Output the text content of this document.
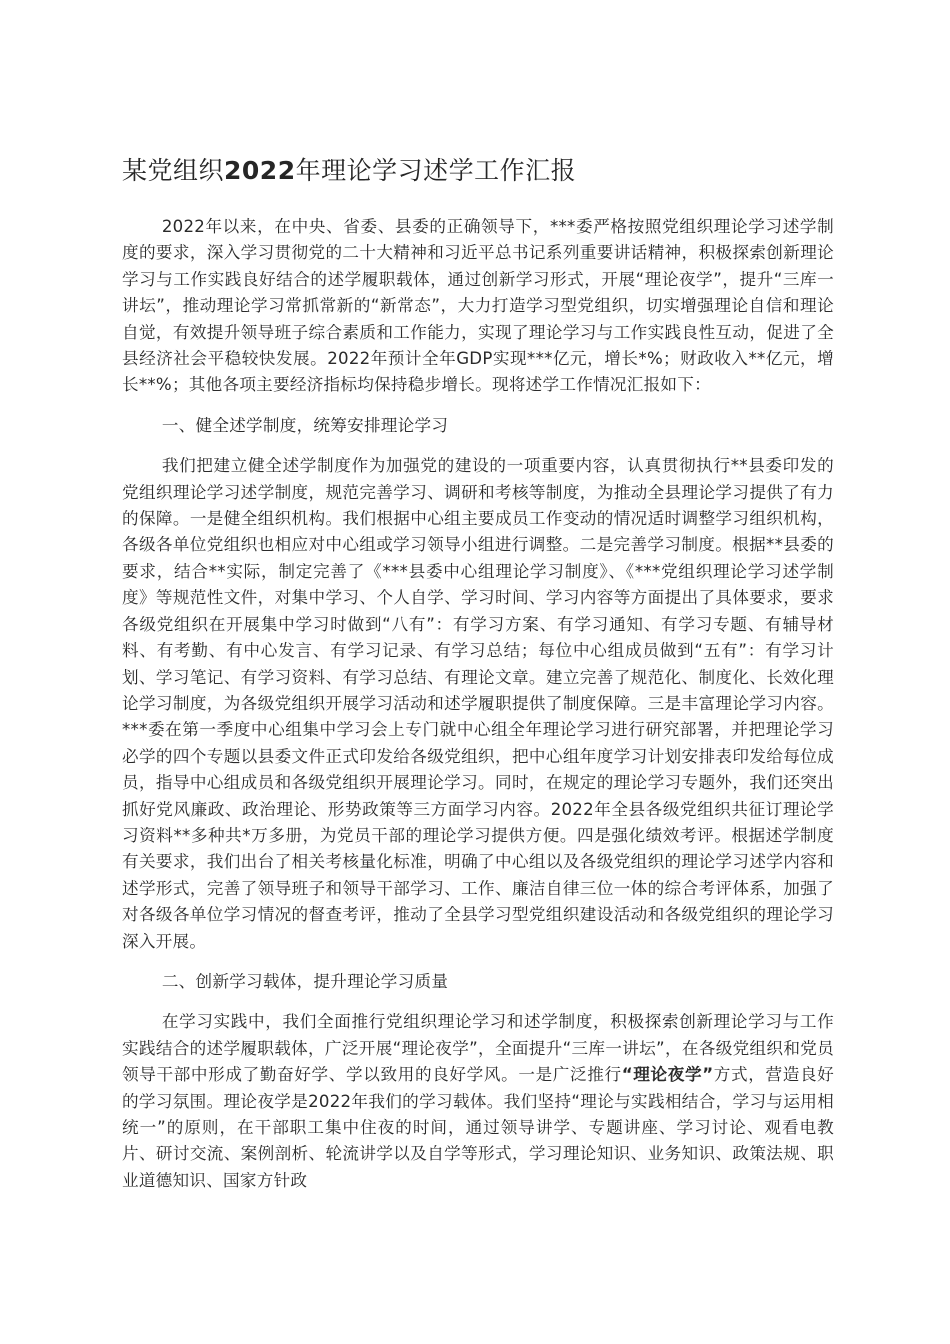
某党组织2022年理论学习述学工作汇报

2022年以来，在中央、省委、县委的正确领导下，***委严格按照党组织理论学习述学制度的要求，深入学习贯彻党的二十大精神和习近平总书记系列重要讲话精神，积极探索创新理论学习与工作实践良好结合的述学履职载体，通过创新学习形式，开展“理论夜学”，提升“三库一讲坛”，推动理论学习常抓常新的“新常态”，大力打造学习型党组织，切实增强理论自信和理论自觉，有效提升领导班子综合素质和工作能力，实现了理论学习与工作实践良性互动，促进了全县经济社会平稳较快发展。2022年预计全年GDP实现***亿元，增长*%；财政收入**亿元，增长**%；其他各项主要经济指标均保持稳步增长。现将述学工作情况汇报如下：

一、健全述学制度，统筹安排理论学习

我们把建立健全述学制度作为加强党的建设的一项重要内容，认真贯彻执行**县委印发的党组织理论学习述学制度，规范完善学习、调研和考核等制度，为推动全县理论学习提供了有力的保障。一是健全组织机构。我们根据中心组主要成员工作变动的情况适时调整学习组织机构，各级各单位党组织也相应对中心组或学习领导小组进行调整。二是完善学习制度。根据**县委的要求，结合**实际，制定完善了《***县委中心组理论学习制度》、《***党组织理论学习述学制度》等规范性文件，对集中学习、个人自学、学习时间、学习内容等方面提出了具体要求，要求各级党组织在开展集中学习时做到“八有”：有学习方案、有学习通知、有学习专题、有辅导材料、有考勤、有中心发言、有学习记录、有学习总结；每位中心组成员做到“五有”：有学习计划、学习笔记、有学习资料、有学习总结、有理论文章。建立完善了规范化、制度化、长效化理论学习制度，为各级党组织开展学习活动和述学履职提供了制度保障。三是丰富理论学习内容。***委在第一季度中心组集中学习会上专门就中心组全年理论学习进行研究部署，并把理论学习必学的四个专题以县委文件正式印发给各级党组织，把中心组年度学习计划安排表印发给每位成员，指导中心组成员和各级党组织开展理论学习。同时，在规定的理论学习专题外，我们还突出抓好党风廉政、政治理论、形势政策等三方面学习内容。2022年全县各级党组织共征订理论学习资料**多种共*万多册，为党员干部的理论学习提供方便。四是强化绩效考评。根据述学制度有关要求，我们出台了相关考核量化标准，明确了中心组以及各级党组织的理论学习述学内容和述学形式，完善了领导班子和领导干部学习、工作、廉洁自律三位一体的综合考评体系，加强了对各级各单位学习情况的督查考评，推动了全县学习型党组织建设活动和各级党组织的理论学习深入开展。

二、创新学习载体，提升理论学习质量

在学习实践中，我们全面推行党组织理论学习和述学制度，积极探索创新理论学习与工作实践结合的述学履职载体，广泛开展“理论夜学”，全面提升“三库一讲坛”，在各级党组织和党员领导干部中形成了勤奋好学、学以致用的良好学风。一是广泛推行“理论夜学”方式，营造良好的学习氛围。理论夜学是2022年我们的学习载体。我们坚持“理论与实践相结合，学习与运用相统一”的原则，在干部职工集中住夜的时间，通过领导讲学、专题讲座、学习讨论、观看电教片、研讨交流、案例剖析、轮流讲学以及自学等形式，学习理论知识、业务知识、政策法规、职业道德知识、国家方针政
